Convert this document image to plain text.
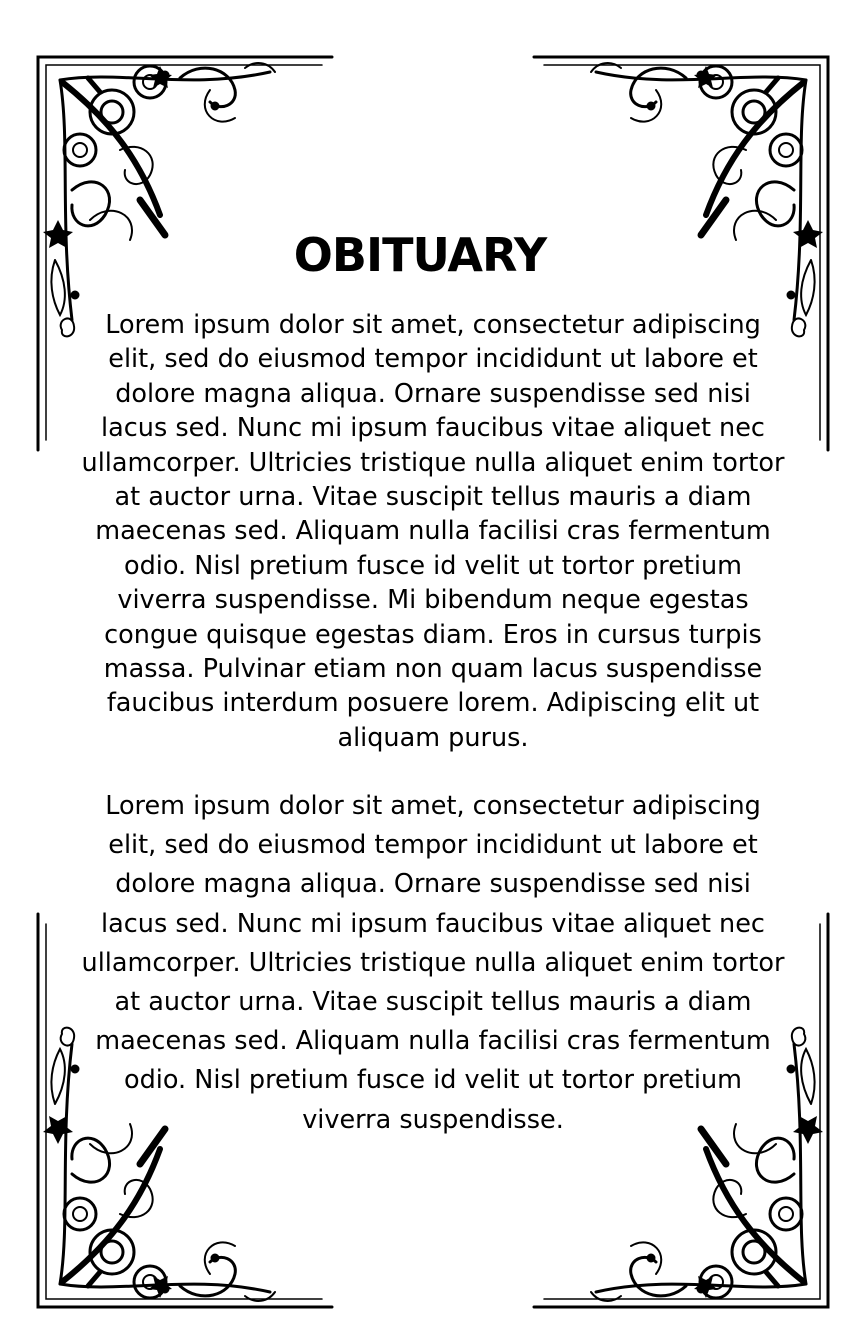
OBITUARY

Lorem ipsum dolor sit amet, consectetur adipiscing elit, sed do eiusmod tempor incididunt ut labore et dolore magna aliqua. Ornare suspendisse sed nisi lacus sed. Nunc mi ipsum faucibus vitae aliquet nec ullamcorper. Ultricies tristique nulla aliquet enim tortor at auctor urna. Vitae suscipit tellus mauris a diam maecenas sed. Aliquam nulla facilisi cras fermentum odio. Nisl pretium fusce id velit ut tortor pretium viverra suspendisse. Mi bibendum neque egestas congue quisque egestas diam. Eros in cursus turpis massa. Pulvinar etiam non quam lacus suspendisse faucibus interdum posuere lorem. Adipiscing elit ut aliquam purus.

Lorem ipsum dolor sit amet, consectetur adipiscing elit, sed do eiusmod tempor incididunt ut labore et dolore magna aliqua. Ornare suspendisse sed nisi lacus sed. Nunc mi ipsum faucibus vitae aliquet nec ullamcorper. Ultricies tristique nulla aliquet enim tortor at auctor urna. Vitae suscipit tellus mauris a diam maecenas sed. Aliquam nulla facilisi cras fermentum odio. Nisl pretium fusce id velit ut tortor pretium viverra suspendisse.
